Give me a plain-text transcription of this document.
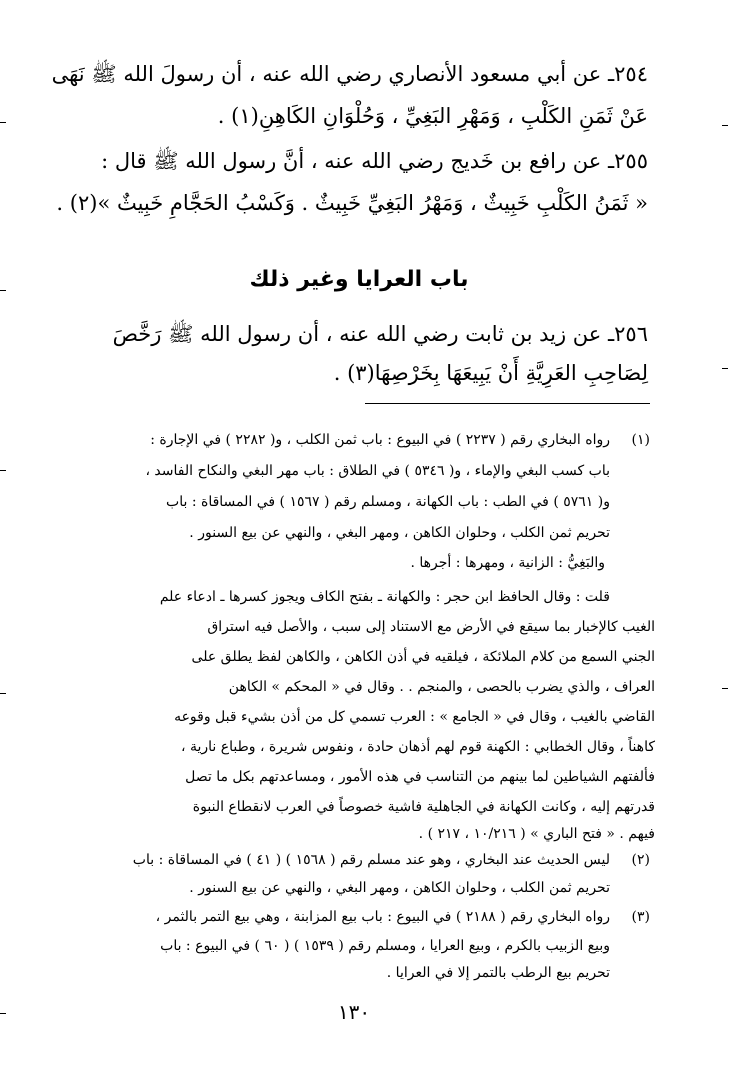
٢٥٤ـ عن أبي مسعود الأنصاري رضي الله عنه ، أن رسولَ الله ﷺ نَهَى
عَنْ ثَمَنِ الكَلْبِ ، وَمَهْرِ البَغِيِّ ، وَحُلْوَانِ الكَاهِنِ(١) .
٢٥٥ـ عن رافع بن خَديج رضي الله عنه ، أنَّ رسول الله ﷺ قال :
« ثَمَنُ الكَلْبِ خَبِيثٌ ، وَمَهْرُ البَغِيِّ خَبِيثٌ . وَكَسْبُ الحَجَّامِ خَبِيثٌ »(٢) .
باب العرايا وغير ذلك
٢٥٦ـ عن زيد بن ثابت رضي الله عنه ، أن رسول الله ﷺ رَخَّصَ
لِصَاحِبِ العَرِيَّةِ أَنْ يَبِيعَهَا بِخَرْصِهَا(٣) .
(١)
رواه البخاري رقم ( ٢٢٣٧ ) في البيوع : باب ثمن الكلب ، و( ٢٢٨٢ ) في الإجارة :
باب كسب البغي والإماء ، و( ٥٣٤٦ ) في الطلاق : باب مهر البغي والنكاح الفاسد ،
و( ٥٧٦١ ) في الطب : باب الكهانة ، ومسلم رقم ( ١٥٦٧ ) في المساقاة : باب
تحريم ثمن الكلب ، وحلوان الكاهن ، ومهر البغي ، والنهي عن بيع السنور .
والبَغِيُّ : الزانية ، ومهرها : أجرها .
قلت : وقال الحافظ ابن حجر : والكهانة ـ بفتح الكاف ويجوز كسرها ـ ادعاء علم
الغيب كالإخبار بما سيقع في الأرض مع الاستناد إلى سبب ، والأصل فيه استراق
الجني السمع من كلام الملائكة ، فيلقيه في أذن الكاهن ، والكاهن لفظ يطلق على
العراف ، والذي يضرب بالحصى ، والمنجم . . وقال في « المحكم » الكاهن
القاضي بالغيب ، وقال في « الجامع » : العرب تسمي كل من أذن بشيء قبل وقوعه
كاهناً ، وقال الخطابي : الكهنة قوم لهم أذهان حادة ، ونفوس شريرة ، وطباع نارية ،
فألفتهم الشياطين لما بينهم من التناسب في هذه الأمور ، ومساعدتهم بكل ما تصل
قدرتهم إليه ، وكانت الكهانة في الجاهلية فاشية خصوصاً في العرب لانقطاع النبوة
فيهم . « فتح الباري » ( ١٠/٢١٦ ، ٢١٧ ) .
(٢)
ليس الحديث عند البخاري ، وهو عند مسلم رقم ( ١٥٦٨ ) ( ٤١ ) في المساقاة : باب
تحريم ثمن الكلب ، وحلوان الكاهن ، ومهر البغي ، والنهي عن بيع السنور .
(٣)
رواه البخاري رقم ( ٢١٨٨ ) في البيوع : باب بيع المزابنة ، وهي بيع التمر بالثمر ،
وبيع الزبيب بالكرم ، وبيع العرايا ، ومسلم رقم ( ١٥٣٩ ) ( ٦٠ ) في البيوع : باب
تحريم بيع الرطب بالتمر إلا في العرايا .
١٣٠
